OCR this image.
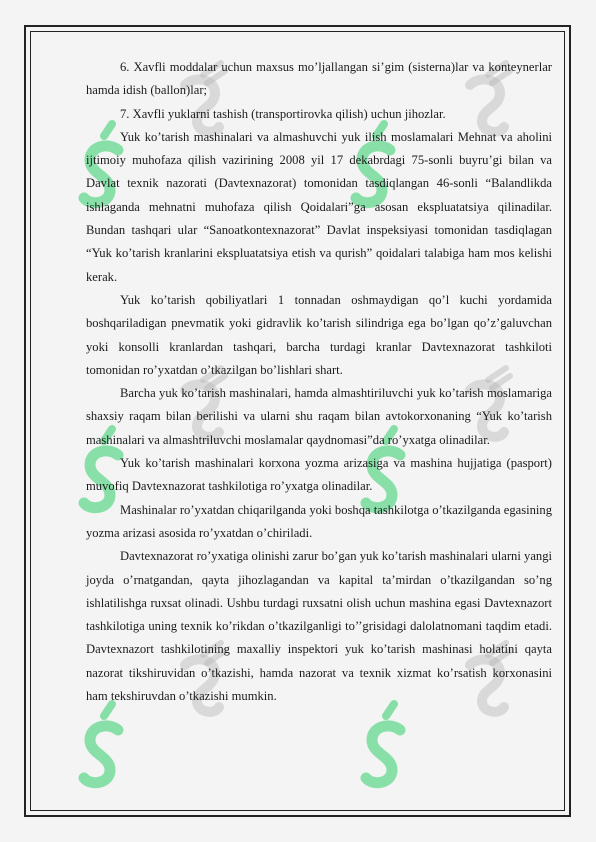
6. Xavfli moddalar uchun maxsus mo’ljallangan si’gim (sisterna)lar va konteynerlar hamda idish (ballon)lar;

7. Xavfli yuklarni tashish (transportirovka qilish) uchun jihozlar.

Yuk ko’tarish mashinalari va almashuvchi yuk ilish moslamalari Mehnat va aholini ijtimoiy muhofaza qilish vazirining 2008 yil 17 dekabrdagi 75-sonli buyru’gi bilan va Davlat texnik nazorati (Davtexnazorat) tomonidan tasdiqlangan 46-sonli “Balandlikda ishlaganda mehnatni muhofaza qilish Qoidalari”ga asosan ekspluatatsiya qilinadilar. Bundan tashqari ular “Sanoatkontexnazorat” Davlat inspeksiyasi tomonidan tasdiqlagan “Yuk ko’tarish kranlarini ekspluatatsiya etish va qurish” qoidalari talabiga ham mos kelishi kerak.

Yuk ko’tarish qobiliyatlari 1 tonnadan oshmaydigan qo’l kuchi yordamida boshqariladigan pnevmatik yoki gidravlik ko’tarish silindriga ega bo’lgan qo’z’galuvchan yoki konsolli kranlardan tashqari, barcha turdagi kranlar Davtexnazorat tashkiloti tomonidan ro’yxatdan o’tkazilgan bo’lishlari shart.

Barcha yuk ko’tarish mashinalari, hamda almashtiriluvchi yuk ko’tarish moslamariga shaxsiy raqam bilan berilishi va ularni shu raqam bilan avtokorxonaning “Yuk ko’tarish mashinalari va almashtriluvchi moslamalar qaydnomasi”da ro’yxatga olinadilar.

Yuk ko’tarish mashinalari korxona yozma arizasiga va mashina hujjatiga (pasport) muvofiq Davtexnazorat tashkilotiga ro’yxatga olinadilar.

Mashinalar ro’yxatdan chiqarilganda yoki boshqa tashkilotga o’tkazilganda egasining yozma arizasi asosida ro’yxatdan o’chiriladi.

Davtexnazorat ro’yxatiga olinishi zarur bo’gan yuk ko’tarish mashinalari ularni yangi joyda o’rnatgandan, qayta jihozlagandan va kapital ta’mirdan o’tkazilgandan so’ng ishlatilishga ruxsat olinadi. Ushbu turdagi ruxsatni olish uchun mashina egasi Davtexnazort tashkilotiga uning texnik ko’rikdan o’tkazilganligi to’’grisidagi dalolatnomani taqdim etadi. Davtexnazort tashkilotining maxalliy inspektori yuk ko’tarish mashinasi holatini qayta nazorat tikshiruvidan o’tkazishi, hamda nazorat va texnik xizmat ko’rsatish korxonasini ham tekshiruvdan o’tkazishi mumkin.
